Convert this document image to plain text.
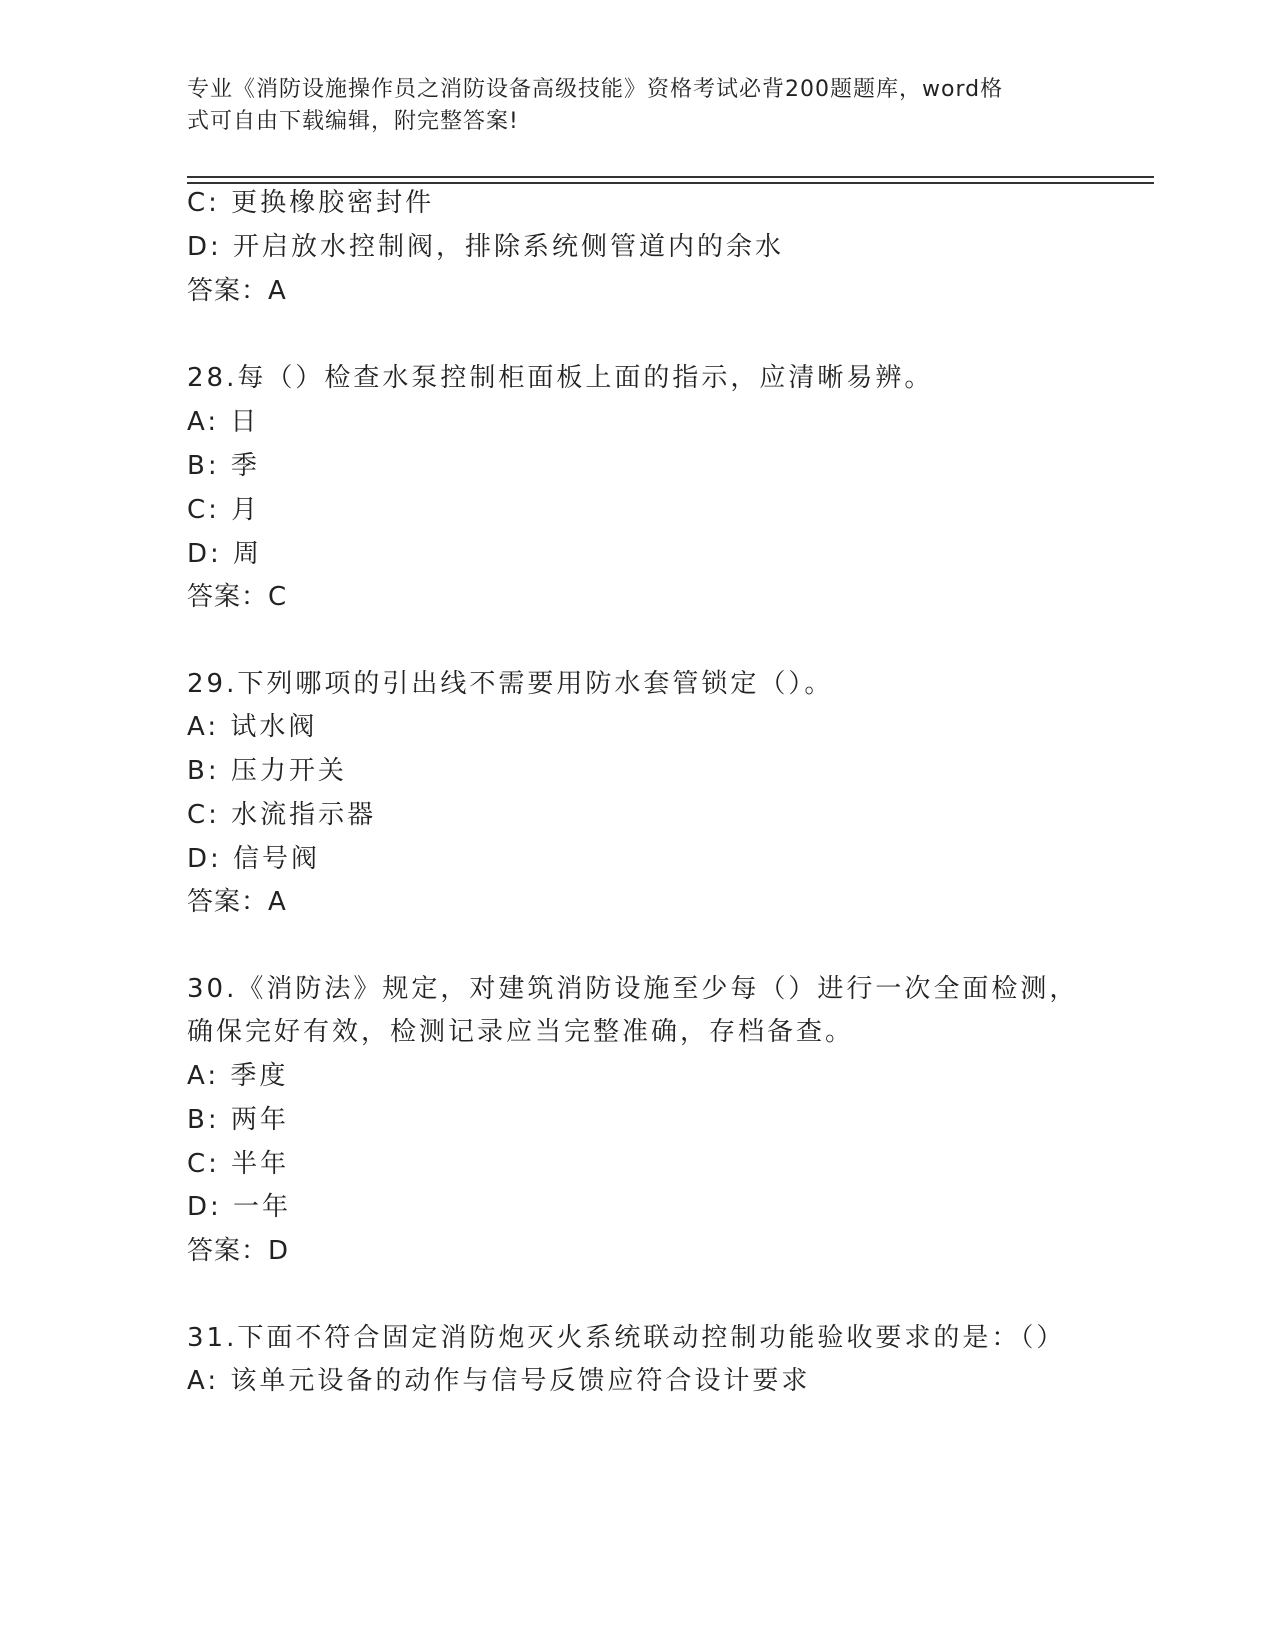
专业《消防设施操作员之消防设备高级技能》资格考试必背200题题库，word格
式可自由下载编辑，附完整答案!
C: 更换橡胶密封件
D: 开启放水控制阀，排除系统侧管道内的余水
答案：A
28.每（）检查水泵控制柜面板上面的指示，应清晰易辨。
A: 日
B: 季
C: 月
D: 周
答案：C
29.下列哪项的引出线不需要用防水套管锁定（）。
A: 试水阀
B: 压力开关
C: 水流指示器
D: 信号阀
答案：A
30.《消防法》规定，对建筑消防设施至少每（）进行一次全面检测，
确保完好有效，检测记录应当完整准确，存档备查。
A: 季度
B: 两年
C: 半年
D: 一年
答案：D
31.下面不符合固定消防炮灭火系统联动控制功能验收要求的是：（）
A: 该单元设备的动作与信号反馈应符合设计要求
